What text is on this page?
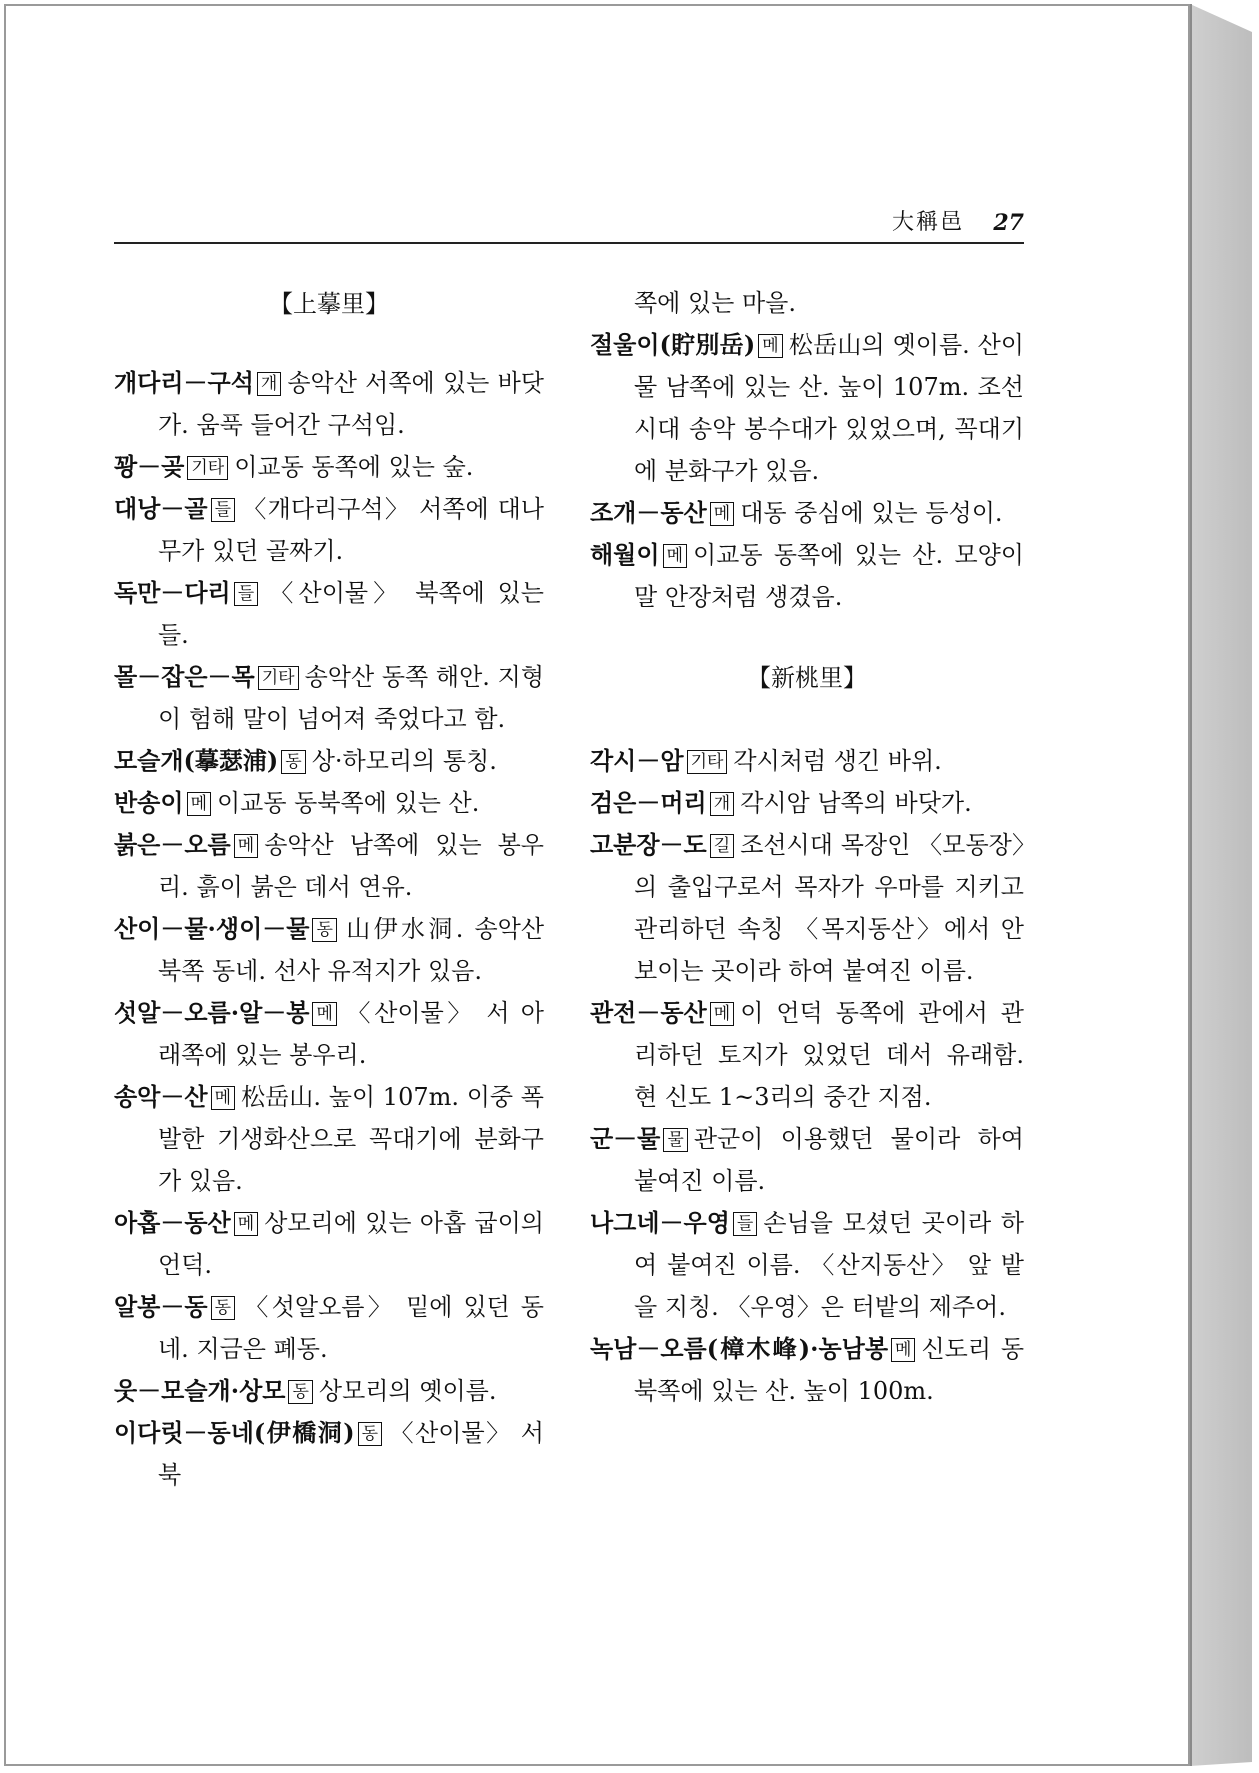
大稱邑 27
【上摹里】

개다리－구석 개 송악산 서쪽에 있는 바닷가. 움푹 들어간 구석임.

꽝－곶 기타 이교동 동쪽에 있는 숲.

대낭－골 들 〈개다리구석〉 서쪽에 대나무가 있던 골짜기.

독만－다리 들 〈산이물〉 북쪽에 있는 들.

몰－잡은－목 기타 송악산 동쪽 해안. 지형이 험해 말이 넘어져 죽었다고 함.

모슬개(摹瑟浦) 동 상·하모리의 통칭.

반송이 메 이교동 동북쪽에 있는 산.

붉은－오름 메 송악산 남쪽에 있는 봉우리. 흙이 붉은 데서 연유.

산이－물·생이－물 동 山伊水洞. 송악산 북쪽 동네. 선사 유적지가 있음.

섯알－오름·알－봉 메 〈산이물〉 서 아래쪽에 있는 봉우리.

송악－산 메 松岳山. 높이 107m. 이중 폭발한 기생화산으로 꼭대기에 분화구가 있음.

아홉－동산 메 상모리에 있는 아홉 굽이의 언덕.

알봉－동 동 〈섯알오름〉 밑에 있던 동네. 지금은 폐동.

웃－모슬개·상모 동 상모리의 옛이름.

이다릿－동네(伊橋洞) 동 〈산이물〉 서북

쪽에 있는 마을.

절울이(貯別岳) 메 松岳山의 옛이름. 산이물 남쪽에 있는 산. 높이 107m. 조선시대 송악 봉수대가 있었으며, 꼭대기에 분화구가 있음.

조개－동산 메 대동 중심에 있는 등성이.

해월이 메 이교동 동쪽에 있는 산. 모양이 말 안장처럼 생겼음.

【新桃里】

각시－암 기타 각시처럼 생긴 바위.

검은－머리 개 각시암 남쪽의 바닷가.

고분장－도 길 조선시대 목장인 〈모동장〉의 출입구로서 목자가 우마를 지키고 관리하던 속칭 〈목지동산〉에서 안 보이는 곳이라 하여 붙여진 이름.

관전－동산 메 이 언덕 동쪽에 관에서 관리하던 토지가 있었던 데서 유래함. 현 신도 1~3리의 중간 지점.

군－물 물 관군이 이용했던 물이라 하여 붙여진 이름.

나그네－우영 들 손님을 모셨던 곳이라 하여 붙여진 이름. 〈산지동산〉 앞 밭을 지칭. 〈우영〉은 터밭의 제주어.

녹남－오름(樟木峰)·농남봉 메 신도리 동북쪽에 있는 산. 높이 100m.
